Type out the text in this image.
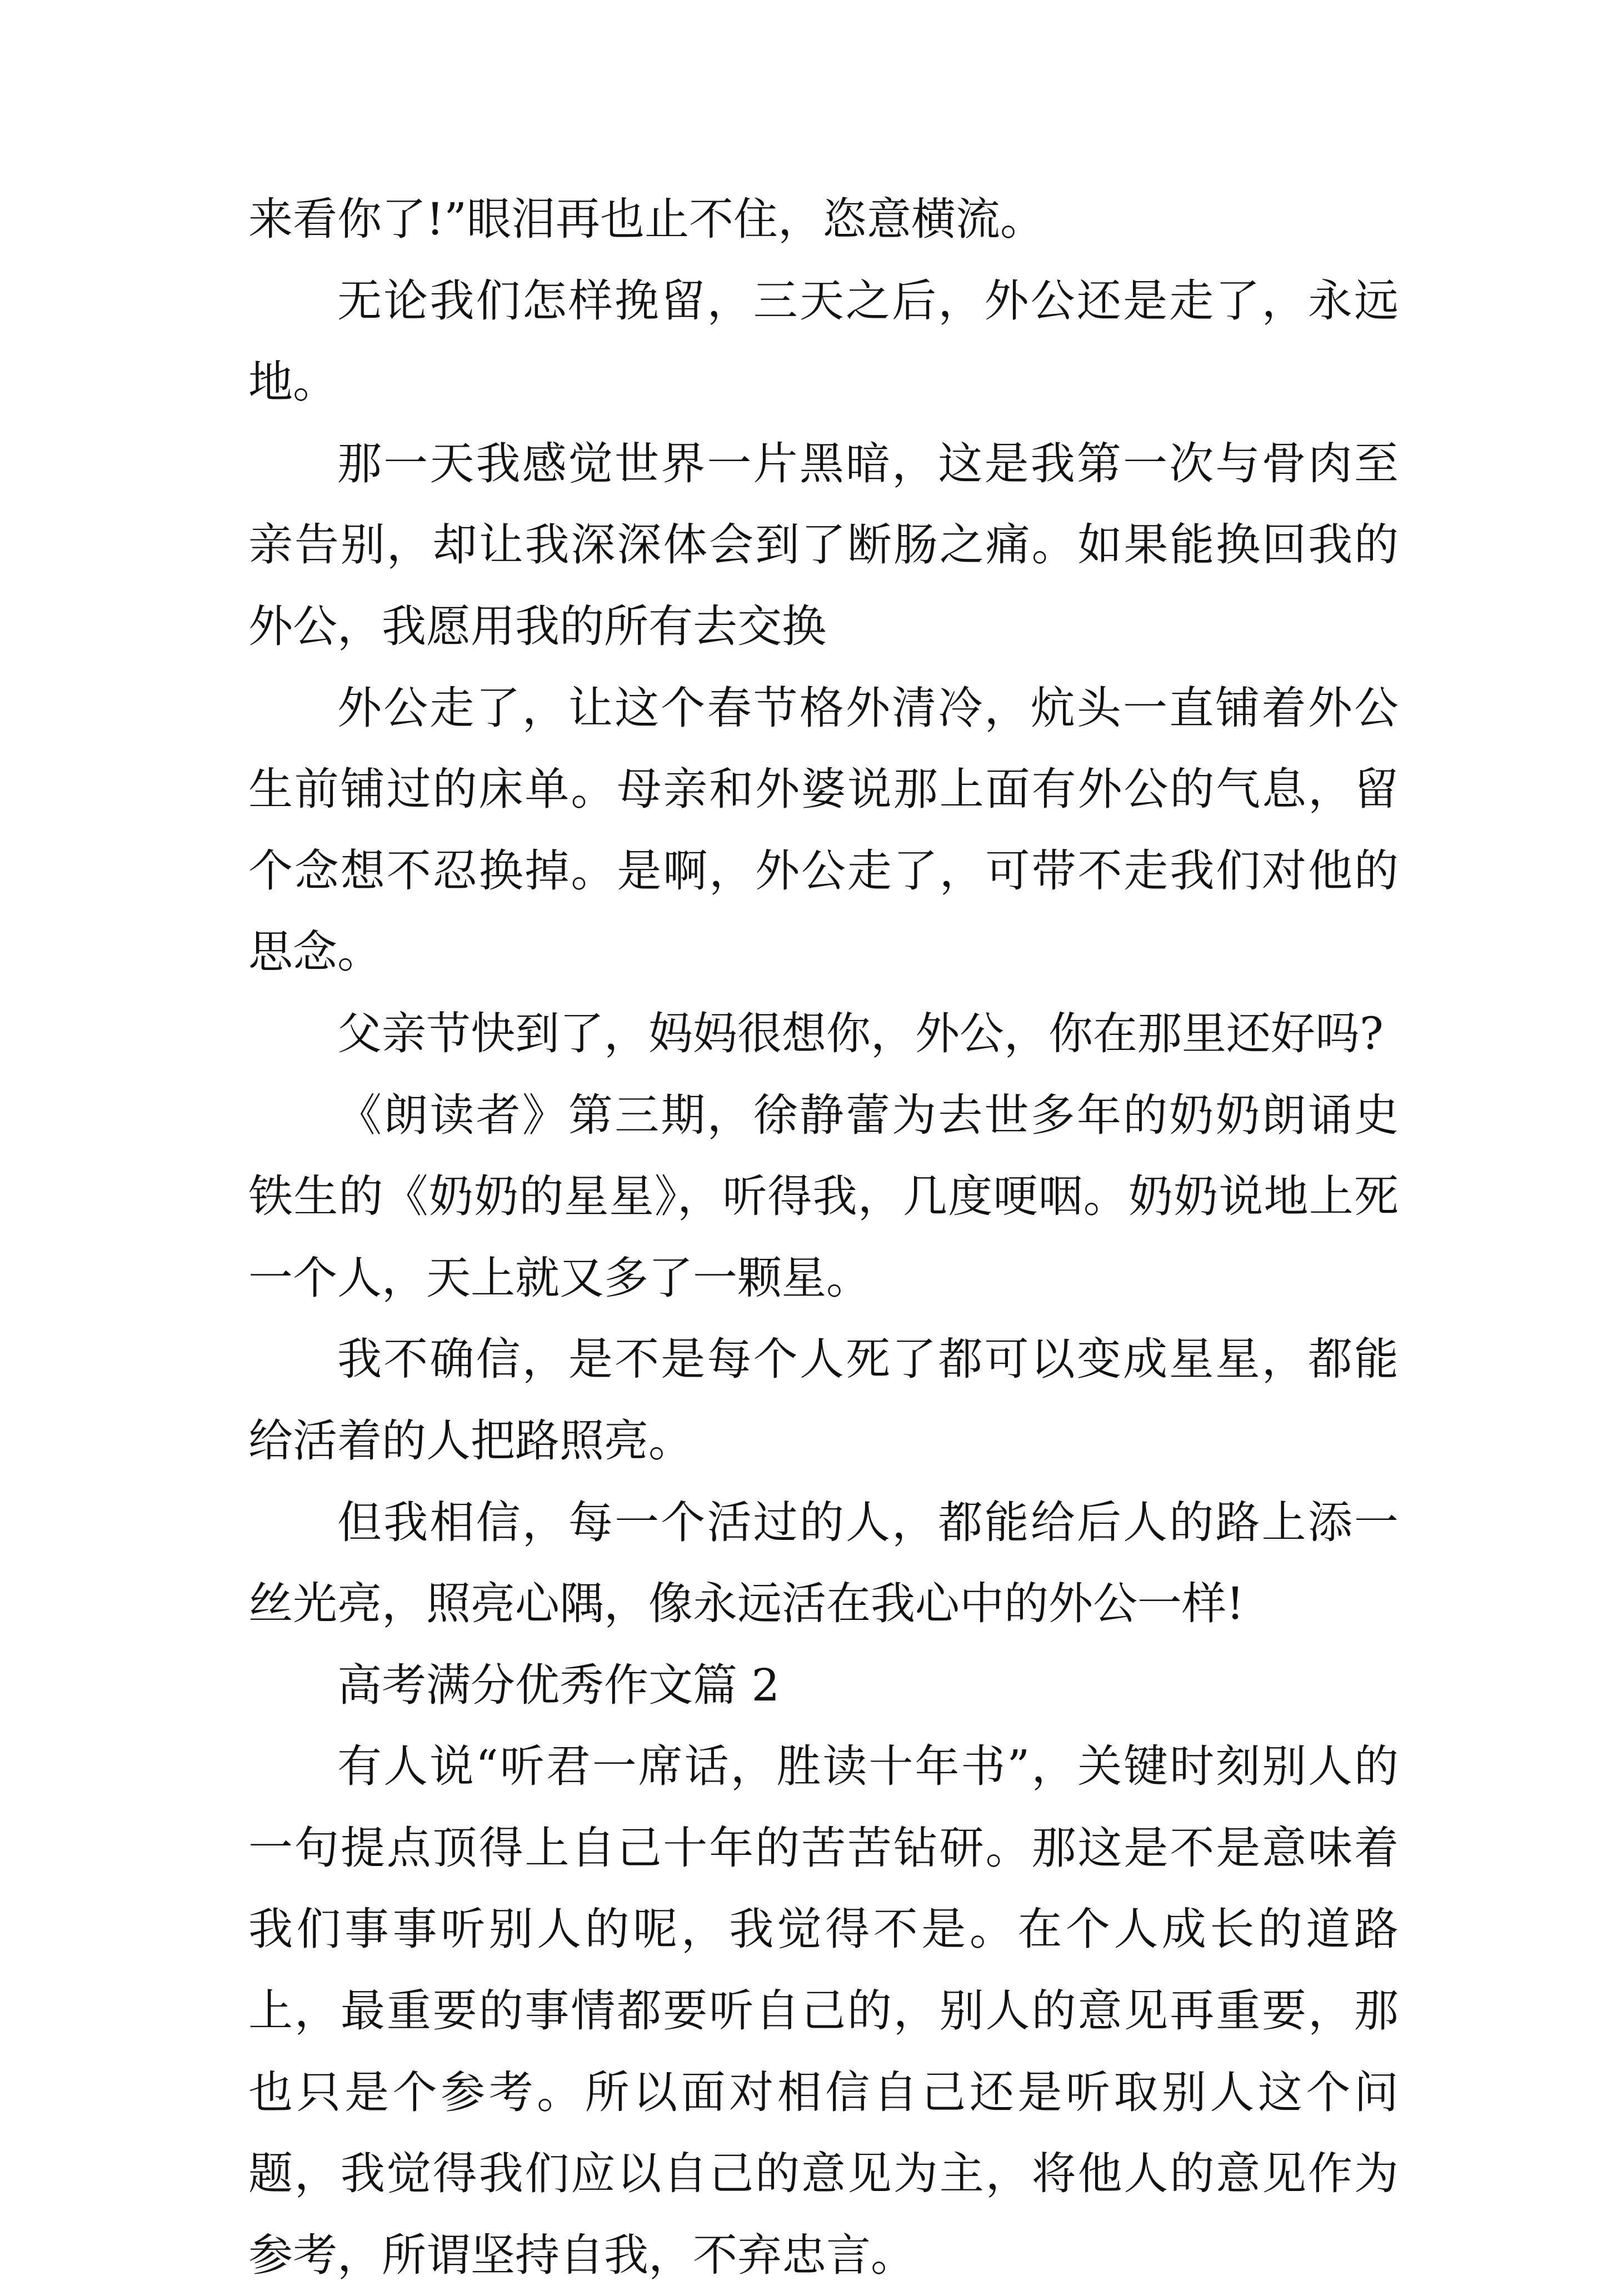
来看你了!”眼泪再也止不住，恣意横流。

无论我们怎样挽留，三天之后，外公还是走了，永远地。

那一天我感觉世界一片黑暗，这是我第一次与骨肉至亲告别，却让我深深体会到了断肠之痛。如果能换回我的外公，我愿用我的所有去交换

外公走了，让这个春节格外清冷，炕头一直铺着外公生前铺过的床单。母亲和外婆说那上面有外公的气息，留个念想不忍换掉。是啊，外公走了，可带不走我们对他的思念。

父亲节快到了，妈妈很想你，外公，你在那里还好吗?

《朗读者》第三期，徐静蕾为去世多年的奶奶朗诵史铁生的《奶奶的星星》，听得我，几度哽咽。奶奶说地上死一个人，天上就又多了一颗星。

我不确信，是不是每个人死了都可以变成星星，都能给活着的人把路照亮。

但我相信，每一个活过的人，都能给后人的路上添一丝光亮，照亮心隅，像永远活在我心中的外公一样!

高考满分优秀作文篇 2

有人说“听君一席话，胜读十年书”，关键时刻别人的一句提点顶得上自己十年的苦苦钻研。那这是不是意味着我们事事听别人的呢，我觉得不是。在个人成长的道路上，最重要的事情都要听自己的，别人的意见再重要，那也只是个参考。所以面对相信自己还是听取别人这个问题，我觉得我们应以自己的意见为主，将他人的意见作为参考，所谓坚持自我，不弃忠言。
